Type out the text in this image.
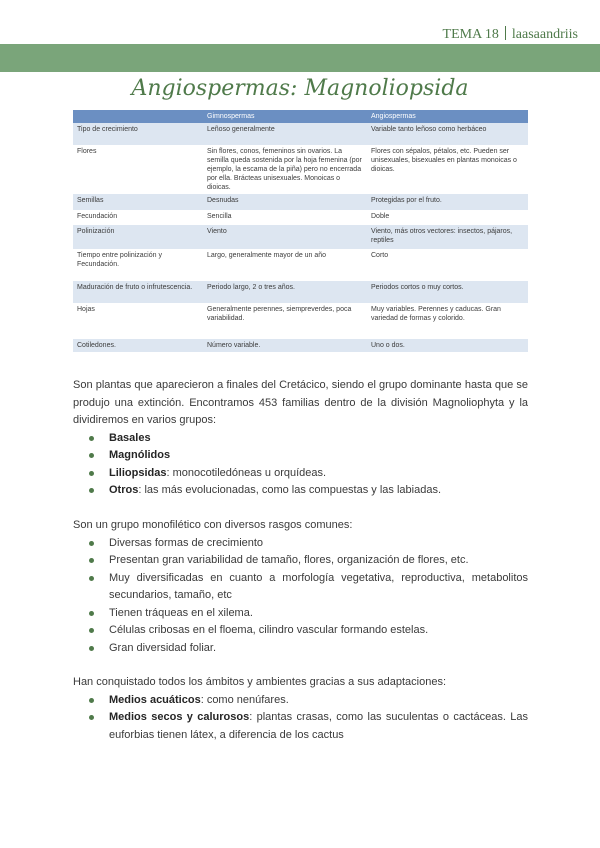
TEMA 18 laasaandriis
Angiospermas: Magnoliopsida
	Gimnospermas	Angiospermas
Tipo de crecimiento	Leñoso generalmente	Variable tanto leñoso como herbáceo
Flores	Sin flores, conos, femeninos sin ovarios. La semilla queda sostenida por la hoja femenina (por ejemplo, la escama de la piña) pero no encerrada por ella. Brácteas unisexuales. Monoicas o dioicas.	Flores con sépalos, pétalos, etc. Pueden ser unisexuales, bisexuales en plantas monoicas o dioicas.
Semillas	Desnudas	Protegidas por el fruto.
Fecundación	Sencilla	Doble
Polinización	Viento	Viento, más otros vectores: insectos, pájaros, reptiles
Tiempo entre polinización y Fecundación.	Largo, generalmente mayor de un año	Corto
Maduración de fruto o infrutescencia.	Periodo largo, 2 o tres años.	Periodos cortos o muy cortos.
Hojas	Generalmente perennes, siempreverdes, poca variabilidad.	Muy variables. Perennes y caducas. Gran variedad de formas y colorido.
Cotiledones.	Número variable.	Uno o dos.

Son plantas que aparecieron a finales del Cretácico, siendo el grupo dominante hasta que se produjo una extinción. Encontramos 453 familias dentro de la división Magnoliophyta y la dividiremos en varios grupos:

Basales
Magnólidos
Liliopsidas: monocotiledóneas u orquídeas.
Otros: las más evolucionadas, como las compuestas y las labiadas.

Son un grupo monofilético con diversos rasgos comunes:

Diversas formas de crecimiento
Presentan gran variabilidad de tamaño, flores, organización de flores, etc.
Muy diversificadas en cuanto a morfología vegetativa, reproductiva, metabolitos secundarios, tamaño, etc
Tienen tráqueas en el xilema.
Células cribosas en el floema, cilindro vascular formando estelas.
Gran diversidad foliar.

Han conquistado todos los ámbitos y ambientes gracias a sus adaptaciones:

Medios acuáticos: como nenúfares.
Medios secos y calurosos: plantas crasas, como las suculentas o cactáceas. Las euforbias tienen látex, a diferencia de los cactus
